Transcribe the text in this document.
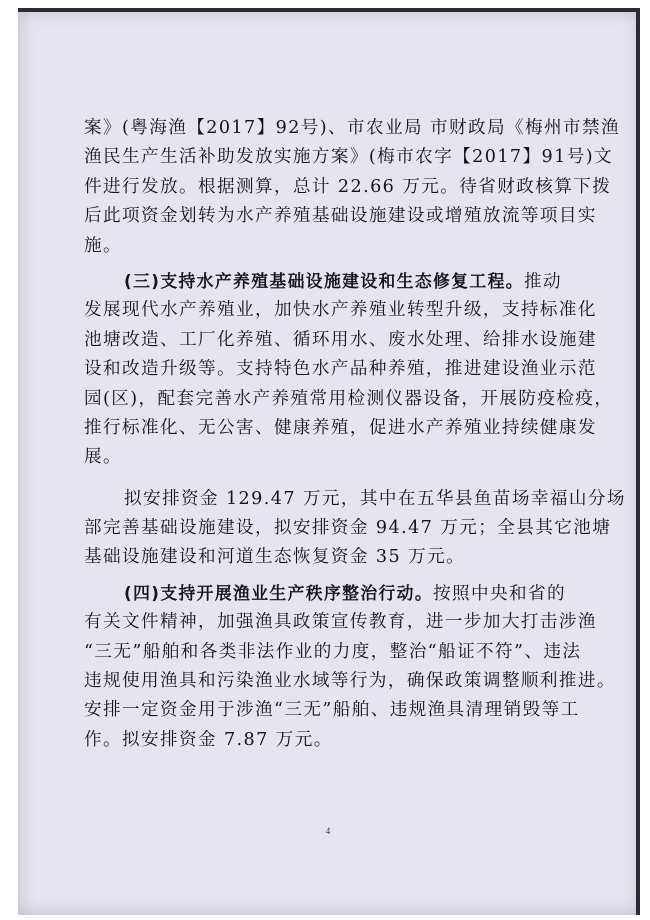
案》(粤海渔【2017】92号)、市农业局 市财政局《梅州市禁渔
渔民生产生活补助发放实施方案》(梅市农字【2017】91号)文
件进行发放。根据测算，总计 22.66 万元。待省财政核算下拨
后此项资金划转为水产养殖基础设施建设或增殖放流等项目实
施。
(三)支持水产养殖基础设施建设和生态修复工程。推动
发展现代水产养殖业，加快水产养殖业转型升级，支持标准化
池塘改造、工厂化养殖、循环用水、废水处理、给排水设施建
设和改造升级等。支持特色水产品种养殖，推进建设渔业示范
园(区)，配套完善水产养殖常用检测仪器设备，开展防疫检疫，
推行标准化、无公害、健康养殖，促进水产养殖业持续健康发
展。
拟安排资金 129.47 万元，其中在五华县鱼苗场幸福山分场
部完善基础设施建设，拟安排资金 94.47 万元；全县其它池塘
基础设施建设和河道生态恢复资金 35 万元。
(四)支持开展渔业生产秩序整治行动。按照中央和省的
有关文件精神，加强渔具政策宣传教育，进一步加大打击涉渔
“三无”船舶和各类非法作业的力度，整治“船证不符”、违法
违规使用渔具和污染渔业水域等行为，确保政策调整顺利推进。
安排一定资金用于涉渔“三无”船舶、违规渔具清理销毁等工
作。拟安排资金 7.87 万元。
4
